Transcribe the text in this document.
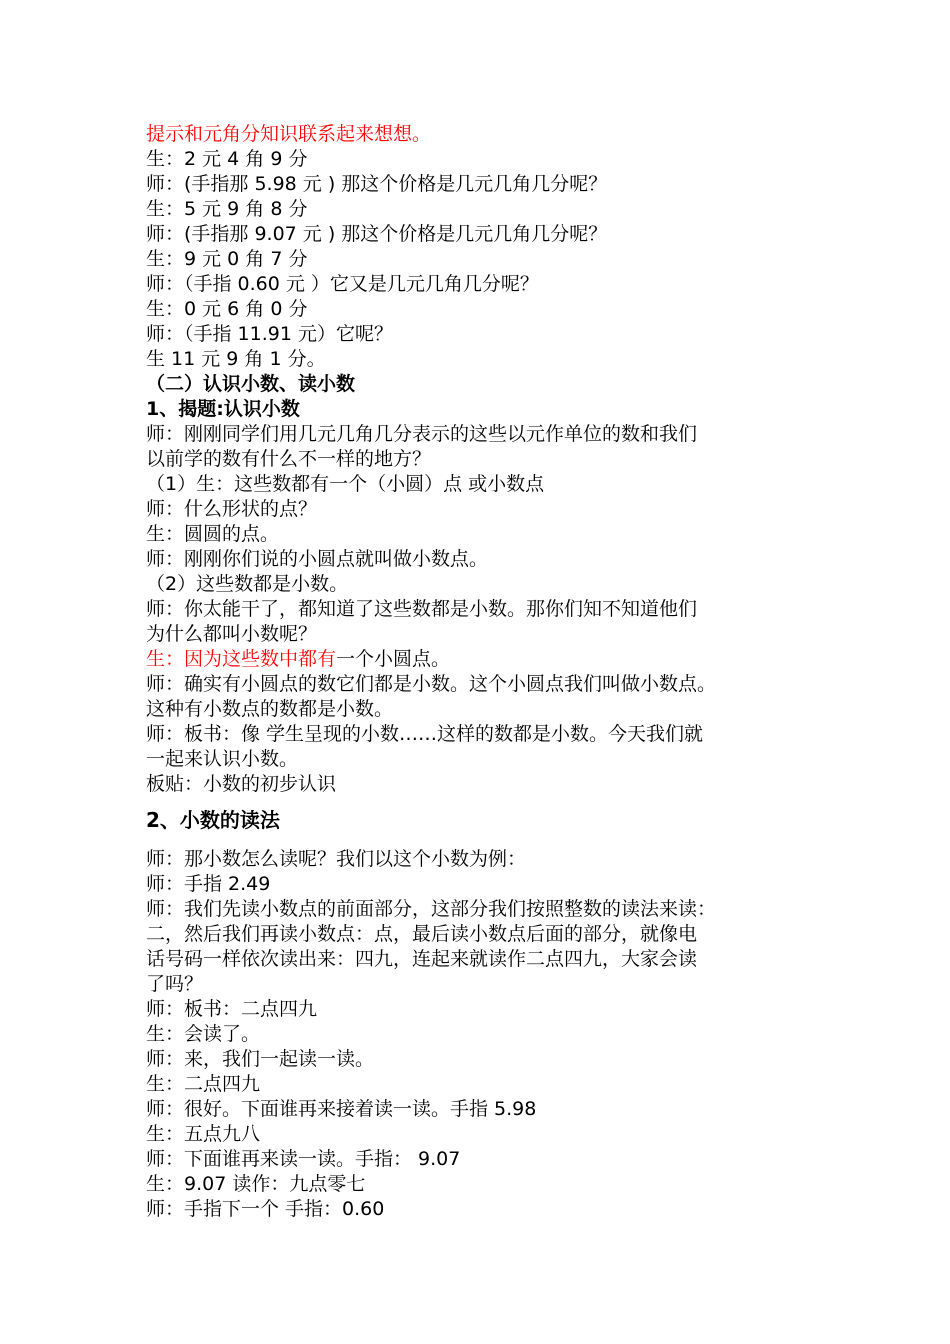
提示和元角分知识联系起来想想。
生：2 元 4 角 9 分
师：(手指那 5.98 元 ) 那这个价格是几元几角几分呢？
生：5 元 9 角 8 分
师：(手指那 9.07 元 ) 那这个价格是几元几角几分呢？
生：9 元 0 角 7 分
师：（手指 0.60 元 ）它又是几元几角几分呢？
生：0 元 6 角 0 分
师：（手指 11.91 元）它呢？
生 11 元 9 角 1 分。
（二）认识小数、读小数
1、揭题:认识小数
师：刚刚同学们用几元几角几分表示的这些以元作单位的数和我们
以前学的数有什么不一样的地方？
（1）生：这些数都有一个（小圆）点 或小数点
师：什么形状的点？
生：圆圆的点。
师：刚刚你们说的小圆点就叫做小数点。
（2）这些数都是小数。
师：你太能干了，都知道了这些数都是小数。那你们知不知道他们
为什么都叫小数呢？
生：因为这些数中都有一个小圆点。
师：确实有小圆点的数它们都是小数。这个小圆点我们叫做小数点。
这种有小数点的数都是小数。
师：板书：像 学生呈现的小数……这样的数都是小数。今天我们就
一起来认识小数。
板贴：小数的初步认识
2、小数的读法
师：那小数怎么读呢？我们以这个小数为例：
师：手指 2.49
师：我们先读小数点的前面部分，这部分我们按照整数的读法来读：
二，然后我们再读小数点：点，最后读小数点后面的部分，就像电
话号码一样依次读出来：四九，连起来就读作二点四九，大家会读
了吗？
师：板书：二点四九
生：会读了。
师：来，我们一起读一读。
生：二点四九
师：很好。下面谁再来接着读一读。手指 5.98
生：五点九八
师：下面谁再来读一读。手指： 9.07
生：9.07 读作：九点零七
师：手指下一个 手指：0.60
